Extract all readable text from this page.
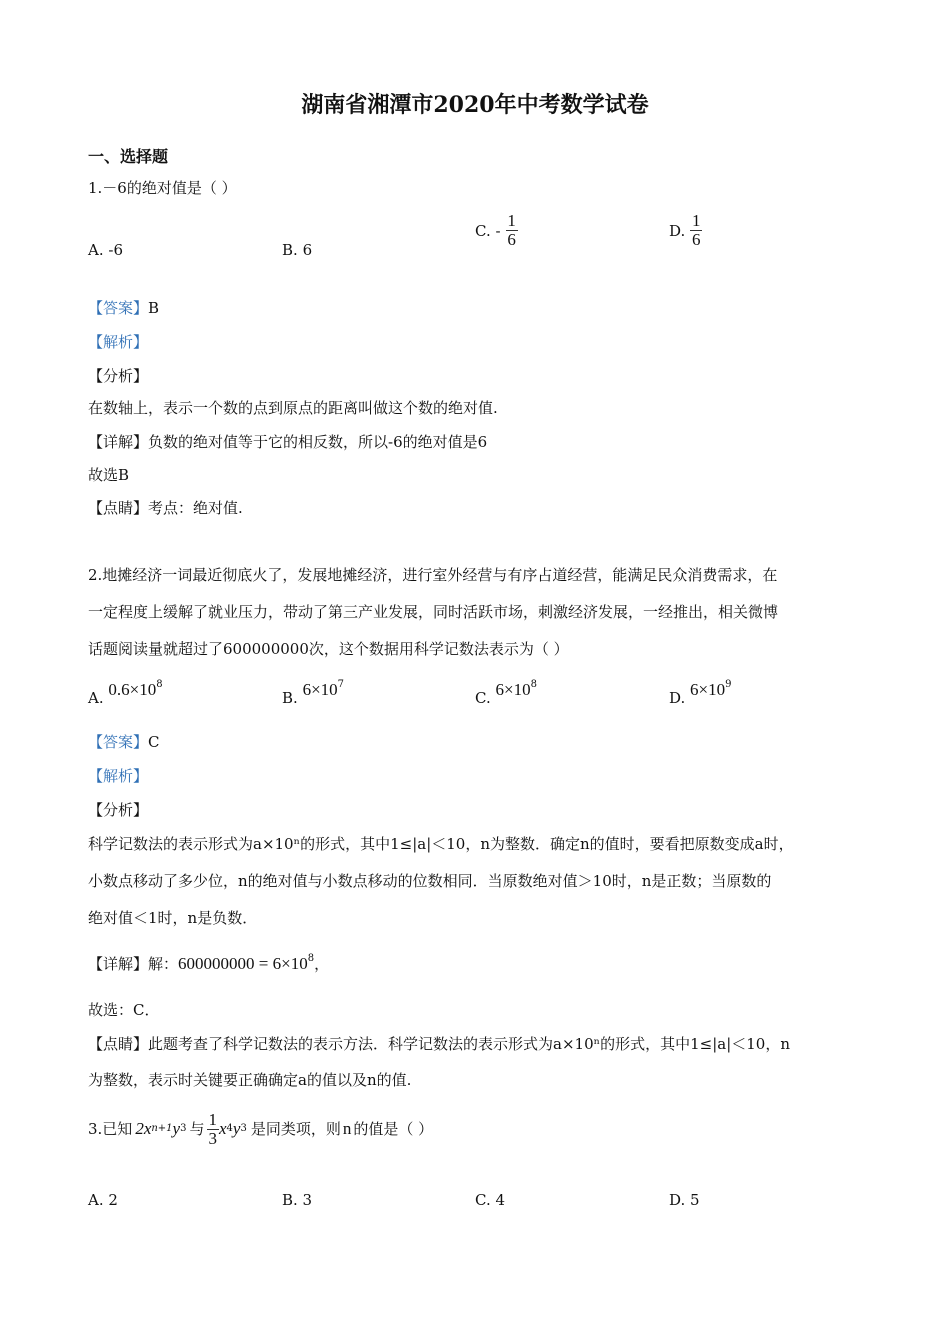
湖南省湘潭市2020年中考数学试卷
一、选择题
1.－6的绝对值是（ ）
A. -6	B. 6
C. - $\frac{1}{6}$	D. $\frac{1}{6}$
【答案】B
【解析】
【分析】
在数轴上，表示一个数的点到原点的距离叫做这个数的绝对值.
【详解】负数的绝对值等于它的相反数，所以-6的绝对值是6
故选B
【点睛】考点：绝对值.
2.地摊经济一词最近彻底火了，发展地摊经济，进行室外经营与有序占道经营，能满足民众消费需求，在
一定程度上缓解了就业压力，带动了第三产业发展，同时活跃市场，刺激经济发展，一经推出，相关微博
话题阅读量就超过了600000000次，这个数据用科学记数法表示为（ ）
A. $0.6\times 10^8$
B. $6\times 10^7$
C. $6\times 10^8$
D. $6\times 10^9$
【答案】C
【解析】
【分析】
科学记数法的表示形式为a×10ⁿ的形式，其中1≤|a|＜10，n为整数．确定n的值时，要看把原数变成a时，
小数点移动了多少位，n的绝对值与小数点移动的位数相同．当原数绝对值＞10时，n是正数；当原数的
绝对值＜1时，n是负数．
【详解】解：$600000000 = 6\times 10^8$，
故选：C．
【点睛】此题考查了科学记数法的表示方法．科学记数法的表示形式为a×10ⁿ的形式，其中1≤|a|＜10，n
为整数，表示时关键要正确确定a的值以及n的值.
3.已知 2x n+1 y 3 与
1
3 x 4 y 3 是同类项，则 n 的值是（ ）
A. 2	B. 3	C. 4	D. 5
